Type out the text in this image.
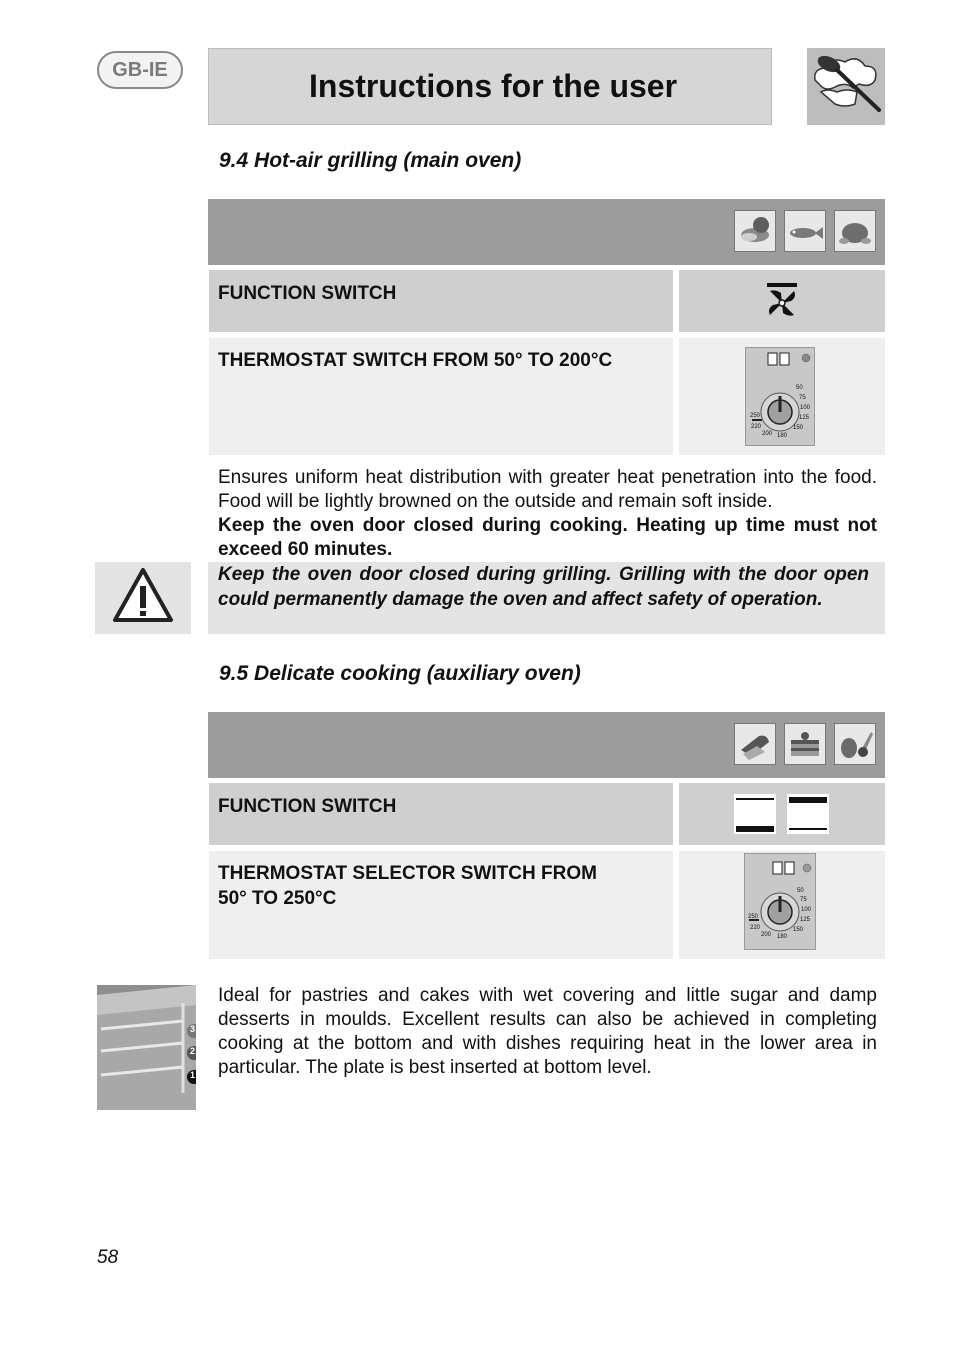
GB-IE	Instructions for the user
9.4 Hot-air grilling (main oven)
FUNCTION SWITCH
THERMOSTAT SWITCH FROM 50° TO 200°C
50
75
100
125
150
180
200
220
250
Ensures uniform heat distribution with greater heat penetration into the food. Food will be lightly browned on the outside and remain soft inside.
Keep the oven door closed during cooking. Heating up time must not exceed 60 minutes.
Keep the oven door closed during grilling. Grilling with the door open could permanently damage the oven and affect safety of operation.
9.5 Delicate cooking (auxiliary oven)
FUNCTION SWITCH
THERMOSTAT SELECTOR SWITCH FROM
50° TO 250°C	50
75
100
125
150
180
200
220
250
3
2
1
Ideal for pastries and cakes with wet covering and little sugar and damp desserts in moulds. Excellent results can also be achieved in completing cooking at the bottom and with dishes requiring heat in the lower area in particular. The plate is best inserted at bottom level.
58
